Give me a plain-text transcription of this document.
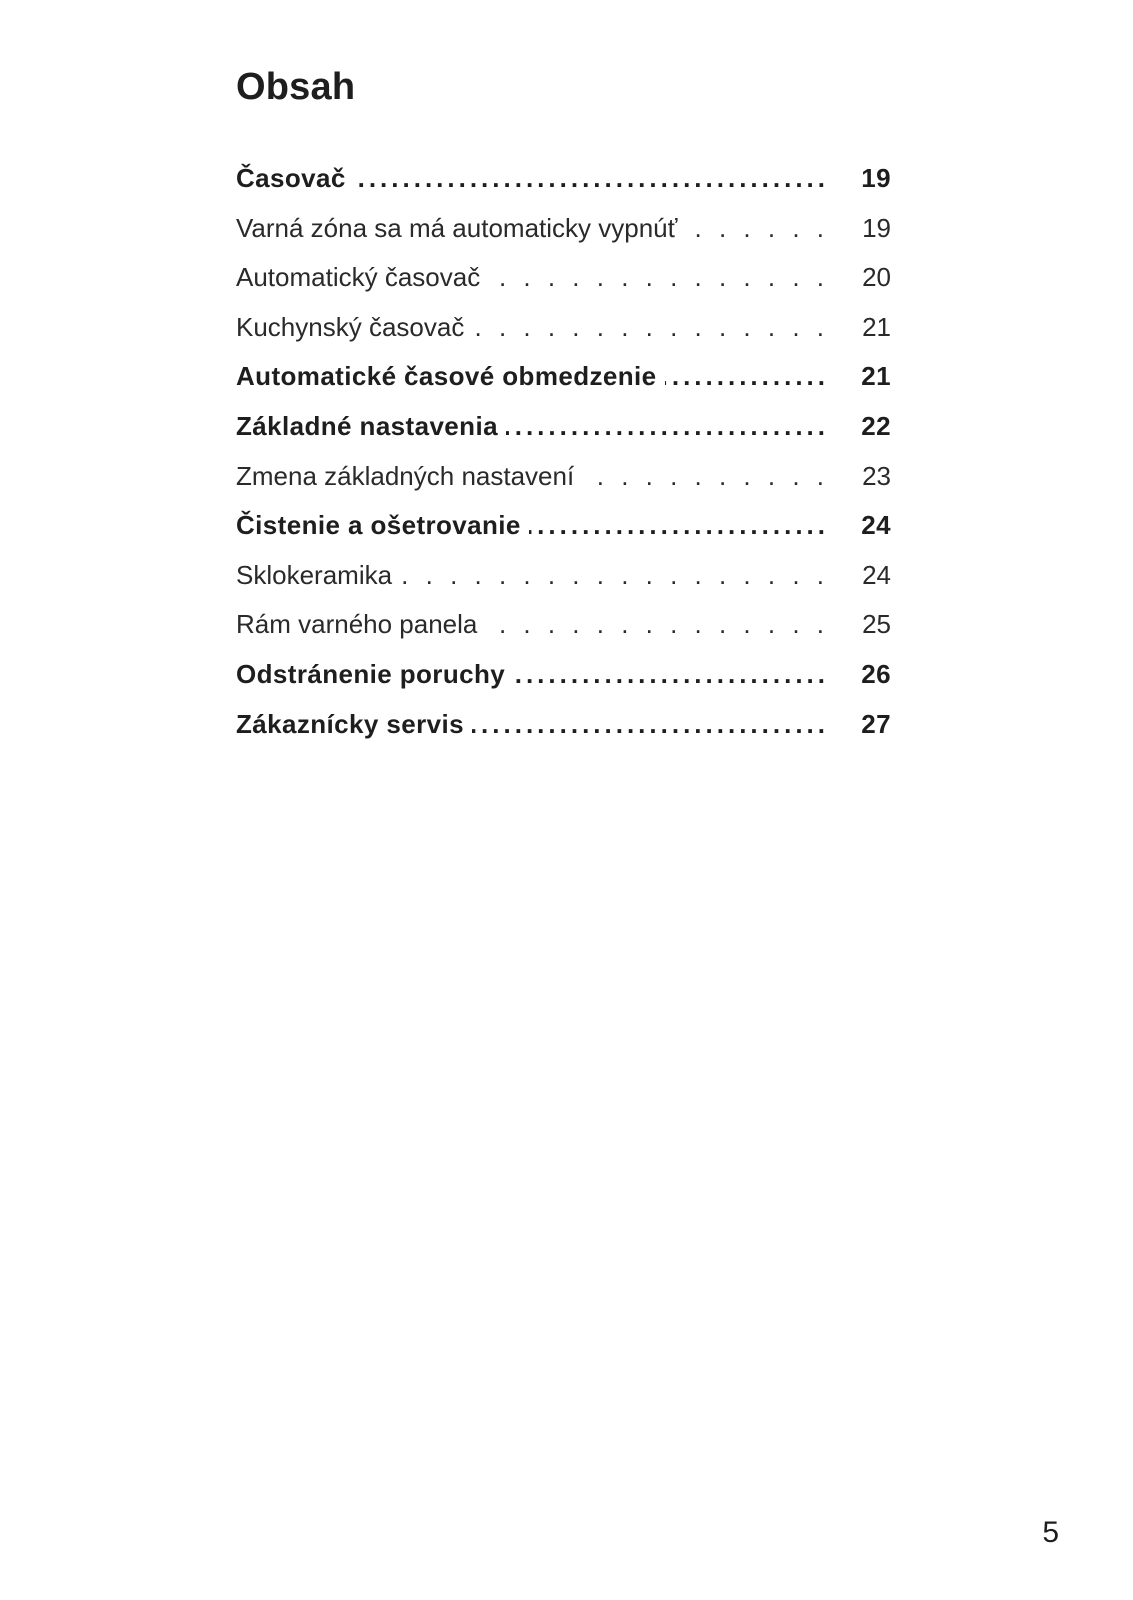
Obsah
Časovač .....	19
Varná zóna sa má automaticky vypnúť . . .	19
Automatický časovač . . .	20
Kuchynský časovač . . .	21
Automatické časové obmedzenie .....	21
Základné nastavenia .....	22
Zmena základných nastavení . . .	23
Čistenie a ošetrovanie .....	24
Sklokeramika . . .	24
Rám varného panela . . .	25
Odstránenie poruchy .....	26
Zákaznícky servis .....	27
5
